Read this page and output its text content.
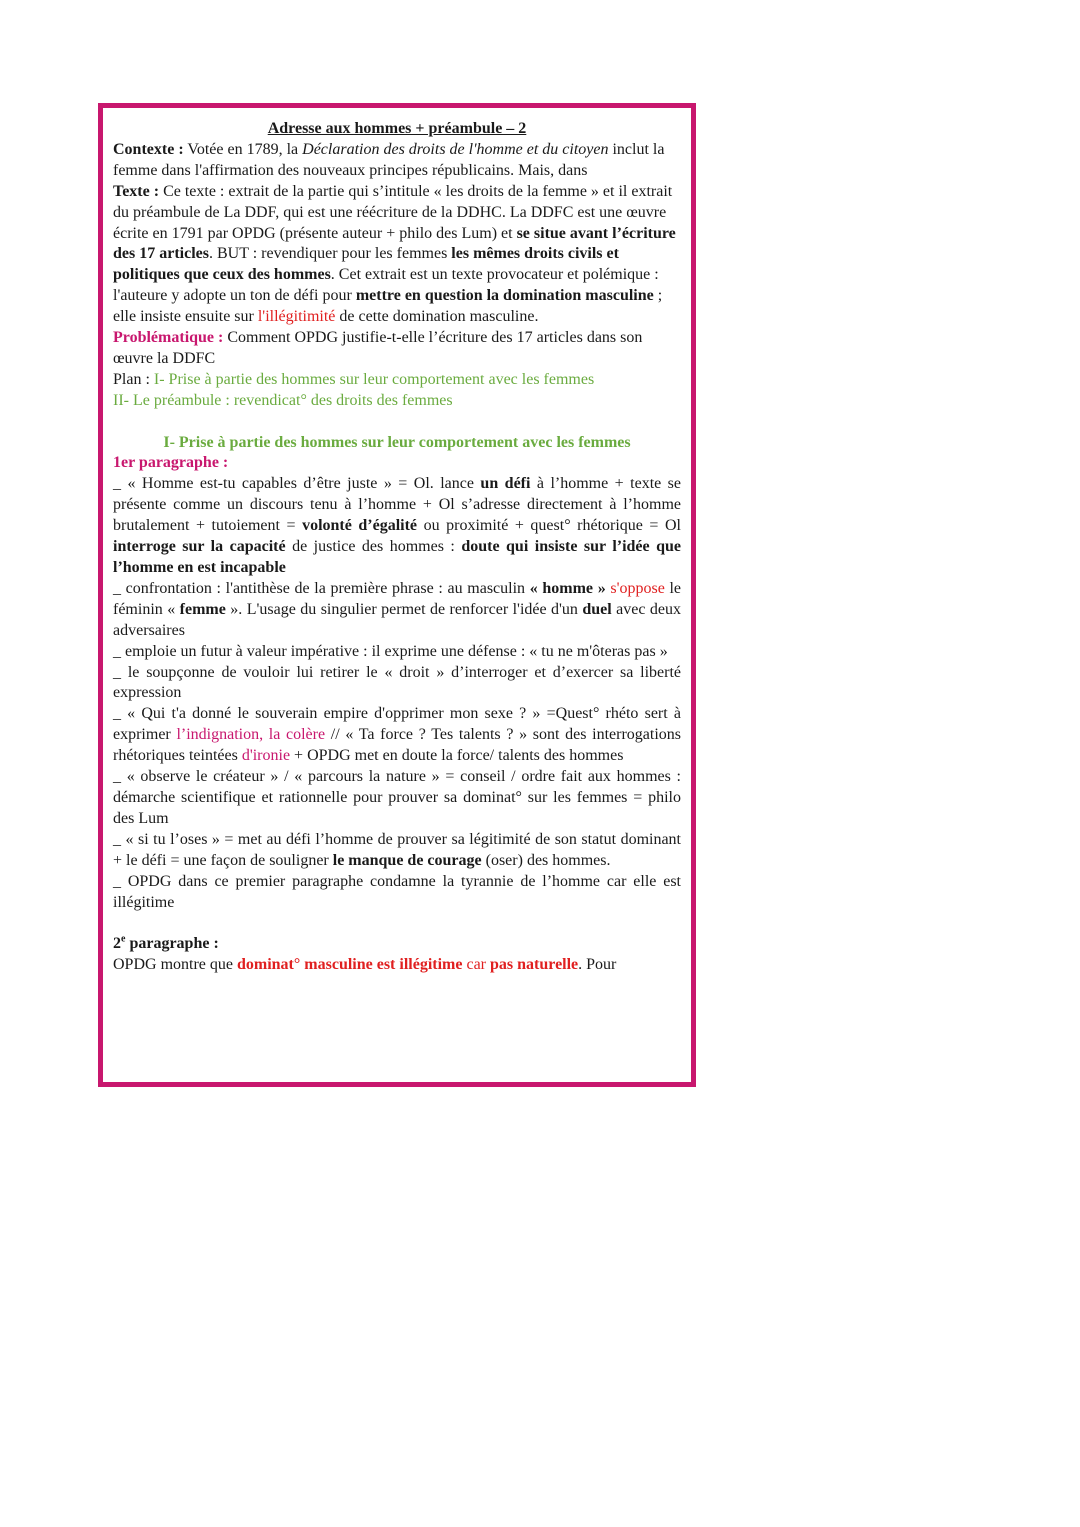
Adresse aux hommes + préambule – 2

Contexte : Votée en 1789, la Déclaration des droits de l'homme et du citoyen inclut la femme dans l'affirmation des nouveaux principes républicains. Mais, dans

Texte : Ce texte : extrait de la partie qui s’intitule « les droits de la femme » et il extrait du préambule de La DDF, qui est une réécriture de la DDHC. La DDFC est une œuvre écrite en 1791 par OPDG (présente auteur + philo des Lum) et se situe avant l’écriture des 17 articles. BUT : revendiquer pour les femmes les mêmes droits civils et politiques que ceux des hommes. Cet extrait est un texte provocateur et polémique : l'auteure y adopte un ton de défi pour mettre en question la domination masculine ; elle insiste ensuite sur l'illégitimité de cette domination masculine.

Problématique : Comment OPDG justifie-t-elle l’écriture des 17 articles dans son œuvre la DDFC

Plan : I- Prise à partie des hommes sur leur comportement avec les femmes

II- Le préambule : revendicat° des droits des femmes

I- Prise à partie des hommes sur leur comportement avec les femmes

1er paragraphe :

_ « Homme est-tu capables d’être juste » = Ol. lance un défi à l’homme + texte se présente comme un discours tenu à l’homme + Ol s’adresse directement à l’homme brutalement + tutoiement = volonté d’égalité ou proximité + quest° rhétorique = Ol interroge sur la capacité de justice des hommes : doute qui insiste sur l’idée que l’homme en est incapable

_ confrontation : l'antithèse de la première phrase : au masculin « homme » s'oppose le féminin « femme ». L'usage du singulier permet de renforcer l'idée d'un duel avec deux adversaires

_ emploie un futur à valeur impérative : il exprime une défense : « tu ne m'ôteras pas »

_ le soupçonne de vouloir lui retirer le « droit » d’interroger et d’exercer sa liberté expression

_ « Qui t'a donné le souverain empire d'opprimer mon sexe ? » =Quest° rhéto sert à exprimer l’indignation, la colère // « Ta force ? Tes talents ? » sont des interrogations rhétoriques teintées d'ironie + OPDG met en doute la force/ talents des hommes

_ « observe le créateur » / « parcours la nature » = conseil / ordre fait aux hommes : démarche scientifique et rationnelle pour prouver sa dominat° sur les femmes = philo des Lum

_ « si tu l’oses » = met au défi l’homme de prouver sa légitimité de son statut dominant + le défi = une façon de souligner le manque de courage (oser) des hommes.

_ OPDG dans ce premier paragraphe condamne la tyrannie de l’homme car elle est illégitime

2e paragraphe :

OPDG montre que dominat° masculine est illégitime car pas naturelle. Pour
